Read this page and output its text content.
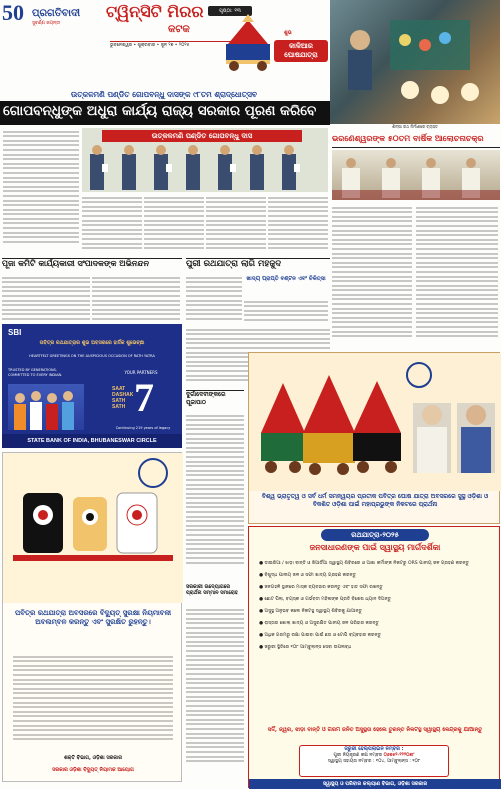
50 ପ୍ରଗତିବାଦୀ
ସୁବର୍ଣ୍ଣ ଜୟନ୍ତୀ
ଟ୍ୱିନ୍‌ସିଟି ମିରର
କଟକ
ପୃଷ୍ଠା: ୧୩
ଭୁବନେଶ୍ୱର • ଶୁକ୍ରବାର • ଜୁନ ୨୭ • ୨୦୨୫
ଶୁଭ
କାଳିଆର ଘୋଷଯାତ୍ରା
ଶିଳ୍ପୀ ରଥ ନିର୍ମାଣରେ ବ୍ୟସ୍ତ
ଉତ୍କଳମଣି ପଣ୍ଡିତ ଗୋପବନ୍ଧୁ ଦାସଙ୍କ ୯୮ତମ ଶ୍ରାଦ୍ଧୋତ୍ସବ
ଗୋପବନ୍ଧୁଙ୍କ ଅଧୁରା କାର୍ଯ୍ୟ ରାଜ୍ୟ ସରକାର ପୂରଣ କରିବେ
ଉତ୍କଳମଣି ପଣ୍ଡିତ ଗୋପବନ୍ଧୁ ଦାସ	ଭରଣେଶ୍ୱରଙ୍କ ୫୦ତମ ବାର୍ଷିକ ଆଲୋଚନାଚକ୍ର
ପୂଜା କମିଟି କାର୍ଯ୍ୟକାରୀ ସଂପାଦକଙ୍କ ଅଭିନନ୍ଦନ	ପୁରୀ ରଥଯାତ୍ରା ଲାଗି ମହଜୁଦ
ଖାଦ୍ୟ ପ୍ରାପ୍ତି ବଣ୍ଟନ ଏବଂ ଚିକିତ୍ସା
SBI
ପବିତ୍ର ରଥଯାତ୍ରାର ଶୁଭ ଅବସରରେ ହାର୍ଦ୍ଦିକ ଶୁଭେଚ୍ଛା
HEARTFELT GREETINGS ON THE AUSPICIOUS OCCASION OF RATH YATRA
TRUSTED BY GENERATIONS. COMMITTED TO EVERY INDIAN.	YOUR PARTNERS
7
SAAT DASHAK SATH SATH
Continuing 219 years of legacy
STATE BANK OF INDIA, BHUBANESWAR CIRCLE
ଦୁର୍ଗାଦେବୀଙ୍କରେ ପୂଜାପାଠ
ସରକାରୀ ଉଦ୍ୟୋଗରେ ପ୍ରାର୍ଥନା ସମ୍ମାନ ସମାରୋହ
ପବିତ୍ର ରଥଯାତ୍ରା ଅବସରରେ ବିଦ୍ୟୁତ୍ ସୁରକ୍ଷା ନିୟମାବଳୀ ଅବଲମ୍ବନ କରନ୍ତୁ ଏବଂ ସୁରକ୍ଷିତ ରୁହନ୍ତୁ।
ଶକ୍ତି ବିଭାଗ, ଓଡ଼ିଶା ସରକାର
ସରକାର ଓଡ଼ିଶା ବିଦ୍ୟୁତ୍ ନିୟାମକ ଆୟୋଗ
ବିଶ୍ୱ ଭ୍ରାତୃତ୍ୱ ଓ ସର୍ବ ଧର୍ମ ସମନ୍ୱୟର ପ୍ରତୀକ ପବିତ୍ର ଘୋଷ ଯାତ୍ରା ଅବସରରେ ସୁସ୍ଥ ଓଡ଼ିଶା ଓ ବିକଶିତ ଓଡ଼ିଶା ପାଇଁ ମହାପ୍ରଭୁଙ୍କ ନିକଟରେ ପ୍ରାର୍ଥନା
ରଥଯାତ୍ରା-୨୦୨୫
ଜନସାଧାରଣଙ୍କ ପାଇଁ ସ୍ୱାସ୍ଥ୍ୟ ମାର୍ଗଦର୍ଶିକା
● ଡାଇରିଆ / ଝାଡ଼ା ବାନ୍ତି ଓ ଜିଆର୍ଡିଆ ସ୍ୱାସ୍ଥ୍ୟ ଶିବିରରେ ଓ ଆଶା କର୍ମୀଙ୍କ ନିକଟରୁ ORS ପାନୀୟ ଜଳ ଗ୍ରହଣ କରନ୍ତୁ
● ବିଶୁଦ୍ଧ ପାନୀୟ ଜଳ ଓ ସଫା ଖାଦ୍ୟ ଗ୍ରହଣ କରନ୍ତୁ
● ଜନଗହଳି ସ୍ଥାନରେ ମାସ୍କ ବ୍ୟବହାର କରନ୍ତୁ ଏବଂ ହାତ ସଫା ରଖନ୍ତୁ
● ଛୋଟ ପିଲା, ବୟସ୍କ ଓ ଗର୍ଭବତୀ ମହିଳାଙ୍କ ପ୍ରତି ବିଶେଷ ଧ୍ୟାନ ଦିଅନ୍ତୁ
● ଅସୁସ୍ଥ ଅନୁଭବ କଲେ ନିକଟସ୍ଥ ସ୍ୱାସ୍ଥ୍ୟ ଶିବିରକୁ ଯାଆନ୍ତୁ
● ରାସ୍ତାର ଖୋଲା ଖାଦ୍ୟ ଓ ଅସୁରକ୍ଷିତ ପାନୀୟ ଜଳ ପରିହାର କରନ୍ତୁ
● ଅଧିକ ଗରମରୁ ରକ୍ଷା ପାଇବା ପାଇଁ ଛତା ଓ ଟୋପି ବ୍ୟବହାର କରନ୍ତୁ
● ଜରୁରୀ ସ୍ଥିତିରେ ୧୦୮ ଆମ୍ବୁଲାନ୍ସ ସେବା ଉପଲବ୍ଧ
ସର୍ଦ୍ଦି, ଜ୍ୱର, ଝାଡ଼ା ବାନ୍ତି ଓ ଗରମ ଜନିତ ଅସୁସ୍ଥତା ହେଲେ ତୁରନ୍ତ ନିକଟସ୍ଥ ସ୍ୱାସ୍ଥ୍ୟ କେନ୍ଦ୍ରକୁ ଯାଆନ୍ତୁ
ଜରୁରୀ ହେଲ୍ପଲାଇନ ନମ୍ବର :
ପୁରୀ ନିୟନ୍ତ୍ରଣ କକ୍ଷ ନମ୍ବର ୦୬୭୫୨-୨୨୨୦୭୮
ସ୍ୱାସ୍ଥ୍ୟ ସହାୟତା ନମ୍ବର : ୧୦୪, ଆମ୍ବୁଲାନ୍ସ : ୧୦୮
ସ୍ୱାସ୍ଥ୍ୟ ଓ ପରିବାର କଲ୍ୟାଣ ବିଭାଗ, ଓଡ଼ିଶା ସରକାର
